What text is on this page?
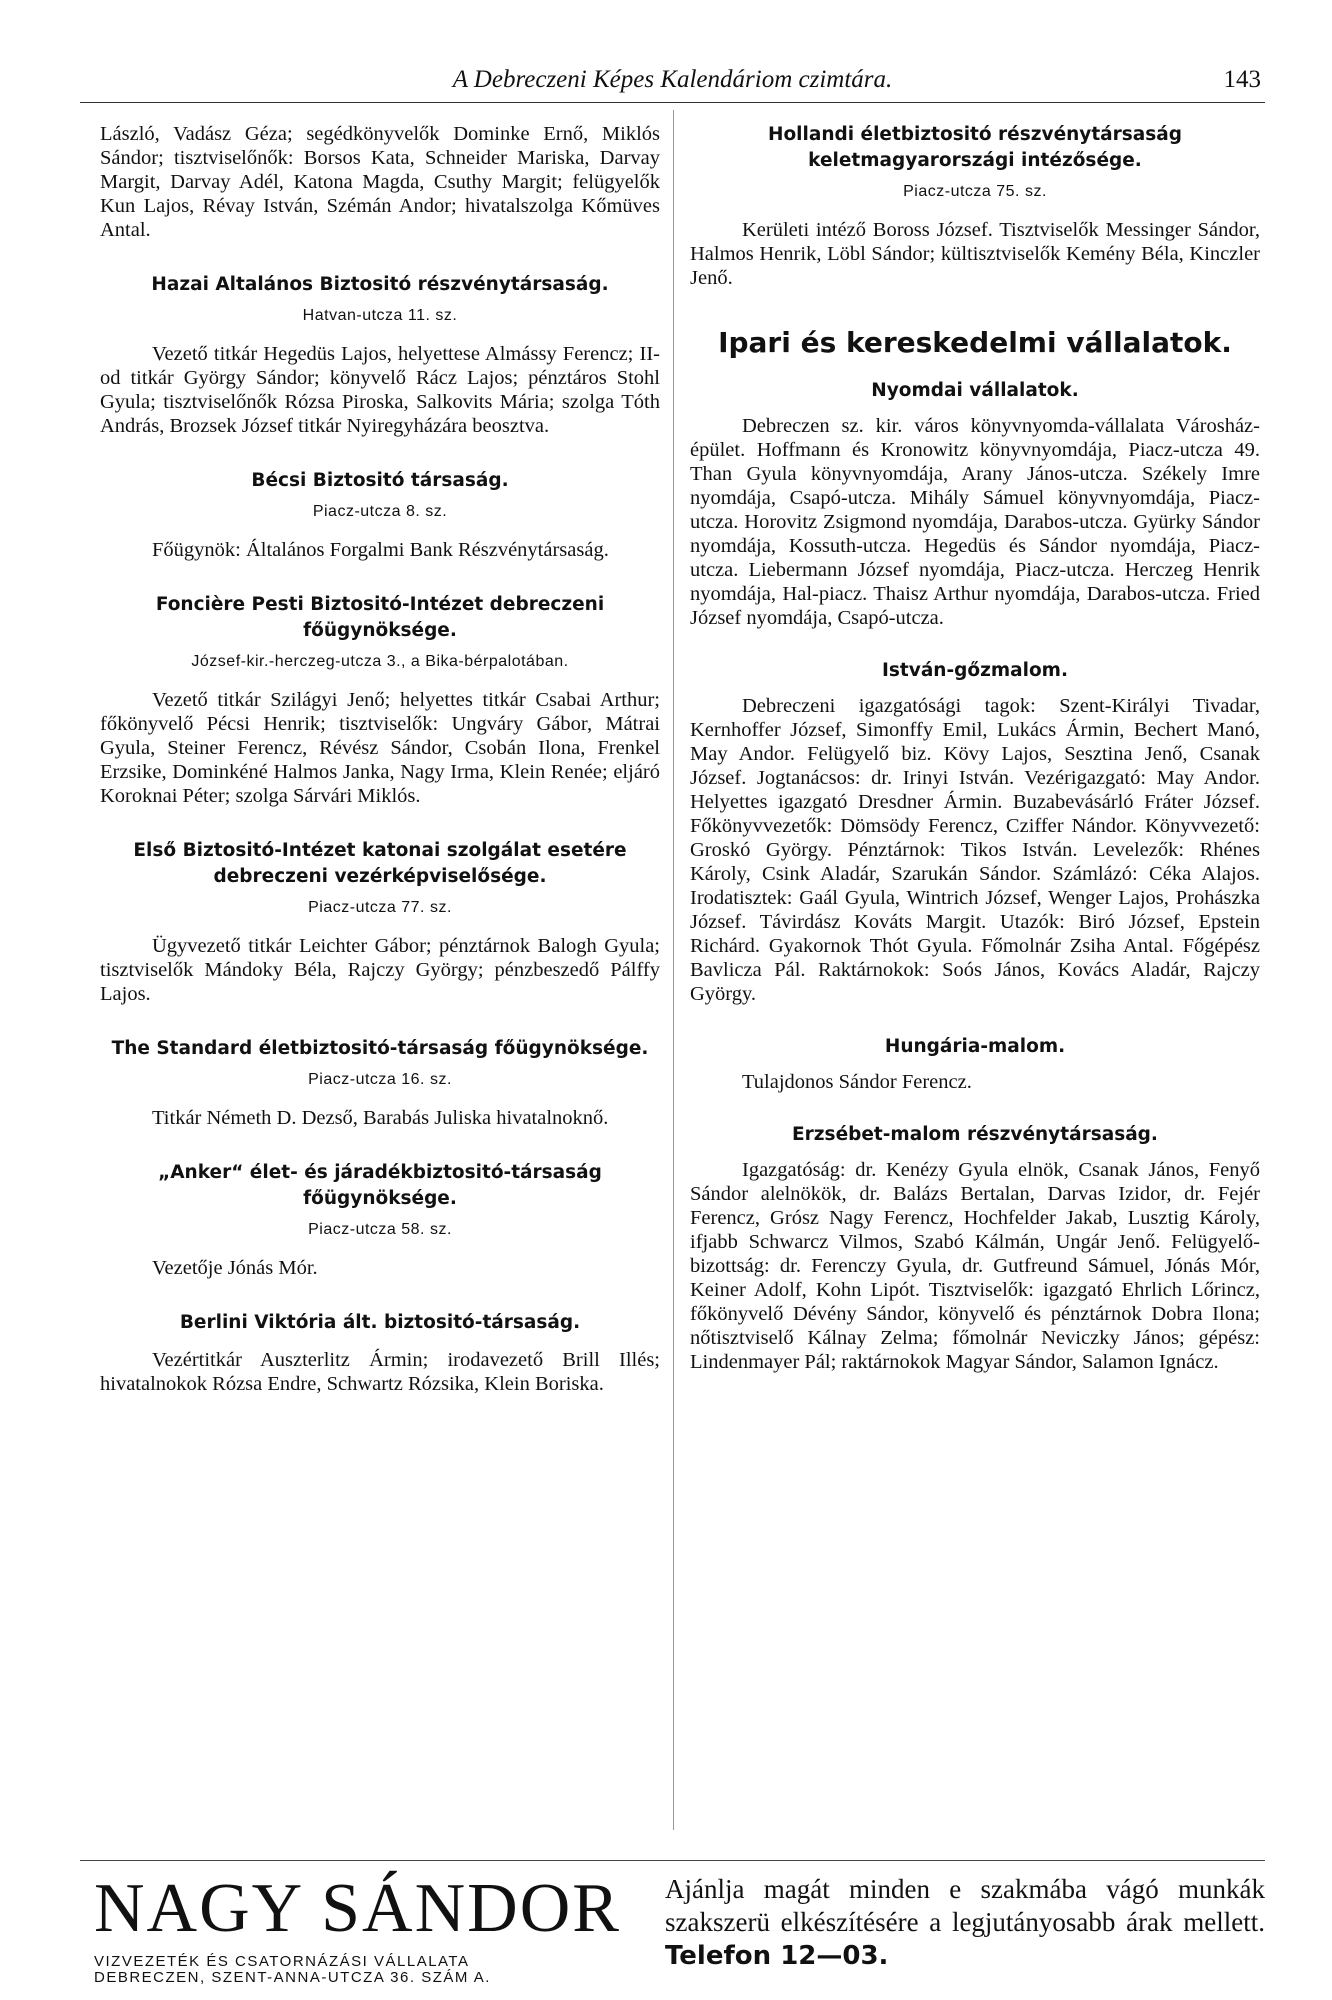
A Debreczeni Képes Kalendáriom czimtára.	143

László, Vadász Géza; segédkönyvelők Dominke Ernő, Miklós Sándor; tisztviselőnők: Borsos Kata, Schneider Mariska, Darvay Margit, Darvay Adél, Katona Magda, Csuthy Margit; felügyelők Kun Lajos, Révay István, Szémán Andor; hivatalszolga Kőmüves Antal.

Hazai Altalános Biztositó részvénytársaság.

Hatvan-utcza 11. sz.

Vezető titkár Hegedüs Lajos, helyettese Almássy Ferencz; II-od titkár György Sándor; könyvelő Rácz Lajos; pénztáros Stohl Gyula; tisztviselőnők Rózsa Piroska, Salkovits Mária; szolga Tóth András, Brozsek József titkár Nyiregyházára beosztva.

Bécsi Biztositó társaság.

Piacz-utcza 8. sz.

Főügynök: Általános Forgalmi Bank Részvénytársaság.

Foncière Pesti Biztositó-Intézet debreczeni főügynöksége.

József-kir.-herczeg-utcza 3., a Bika-bérpalotában.

Vezető titkár Szilágyi Jenő; helyettes titkár Csabai Arthur; főkönyvelő Pécsi Henrik; tisztviselők: Ungváry Gábor, Mátrai Gyula, Steiner Ferencz, Révész Sándor, Csobán Ilona, Frenkel Erzsike, Dominkéné Halmos Janka, Nagy Irma, Klein Renée; eljáró Koroknai Péter; szolga Sárvári Miklós.

Első Biztositó-Intézet katonai szolgálat esetére debreczeni vezérképviselősége.

Piacz-utcza 77. sz.

Ügyvezető titkár Leichter Gábor; pénztárnok Balogh Gyula; tisztviselők Mándoky Béla, Rajczy György; pénzbeszedő Pálffy Lajos.

The Standard életbiztositó-társaság főügynöksége.

Piacz-utcza 16. sz.

Titkár Németh D. Dezső, Barabás Juliska hivatalnoknő.

„Anker“ élet- és járadékbiztositó-társaság főügynöksége.

Piacz-utcza 58. sz.

Vezetője Jónás Mór.

Berlini Viktória ált. biztositó-társaság.

Vezértitkár Auszterlitz Ármin; irodavezető Brill Illés; hivatalnokok Rózsa Endre, Schwartz Rózsika, Klein Boriska.

Hollandi életbiztositó részvénytársaság keletmagyarországi intézősége.

Piacz-utcza 75. sz.

Kerületi intéző Boross József. Tisztviselők Messinger Sándor, Halmos Henrik, Löbl Sándor; kültisztviselők Kemény Béla, Kinczler Jenő.

Ipari és kereskedelmi vállalatok.

Nyomdai vállalatok.

Debreczen sz. kir. város könyvnyomda-vállalata Városház-épület. Hoffmann és Kronowitz könyvnyomdája, Piacz-utcza 49. Than Gyula könyvnyomdája, Arany János-utcza. Székely Imre nyomdája, Csapó-utcza. Mihály Sámuel könyvnyomdája, Piacz-utcza. Horovitz Zsigmond nyomdája, Darabos-utcza. Gyürky Sándor nyomdája, Kossuth-utcza. Hegedüs és Sándor nyomdája, Piacz-utcza. Liebermann József nyomdája, Piacz-utcza. Herczeg Henrik nyomdája, Hal-piacz. Thaisz Arthur nyomdája, Darabos-utcza. Fried József nyomdája, Csapó-utcza.

István-gőzmalom.

Debreczeni igazgatósági tagok: Szent-Királyi Tivadar, Kernhoffer József, Simonffy Emil, Lukács Ármin, Bechert Manó, May Andor. Felügyelő biz. Kövy Lajos, Sesztina Jenő, Csanak József. Jogtanácsos: dr. Irinyi István. Vezérigazgató: May Andor. Helyettes igazgató Dresdner Ármin. Buzabevásárló Fráter József. Főkönyvvezetők: Dömsödy Ferencz, Cziffer Nándor. Könyvvezető: Groskó György. Pénztárnok: Tikos István. Levelezők: Rhénes Károly, Csink Aladár, Szarukán Sándor. Számlázó: Céka Alajos. Irodatisztek: Gaál Gyula, Wintrich József, Wenger Lajos, Prohászka József. Távirdász Kováts Margit. Utazók: Biró József, Epstein Richárd. Gyakornok Thót Gyula. Főmolnár Zsiha Antal. Főgépész Bavlicza Pál. Raktárnokok: Soós János, Kovács Aladár, Rajczy György.

Hungária-malom.

Tulajdonos Sándor Ferencz.

Erzsébet-malom részvénytársaság.

Igazgatóság: dr. Kenézy Gyula elnök, Csanak János, Fenyő Sándor alelnökök, dr. Balázs Bertalan, Darvas Izidor, dr. Fejér Ferencz, Grósz Nagy Ferencz, Hochfelder Jakab, Lusztig Károly, ifjabb Schwarcz Vilmos, Szabó Kálmán, Ungár Jenő. Felügyelő-bizottság: dr. Ferenczy Gyula, dr. Gutfreund Sámuel, Jónás Mór, Keiner Adolf, Kohn Lipót. Tisztviselők: igazgató Ehrlich Lőrincz, főkönyvelő Dévény Sándor, könyvelő és pénztárnok Dobra Ilona; nőtisztviselő Kálnay Zelma; főmolnár Neviczky János; gépész: Lindenmayer Pál; raktárnokok Magyar Sándor, Salamon Ignácz.

NAGY SÁNDOR
VIZVEZETÉK ÉS CSATORNÁZÁSI VÁLLALATA
DEBRECZEN, SZENT-ANNA-UTCZA 36. SZÁM A.
Ajánlja magát minden e szakmába vágó munkák szakszerü elkészítésére a legjutányosabb árak mellett. Telefon 12—03.
